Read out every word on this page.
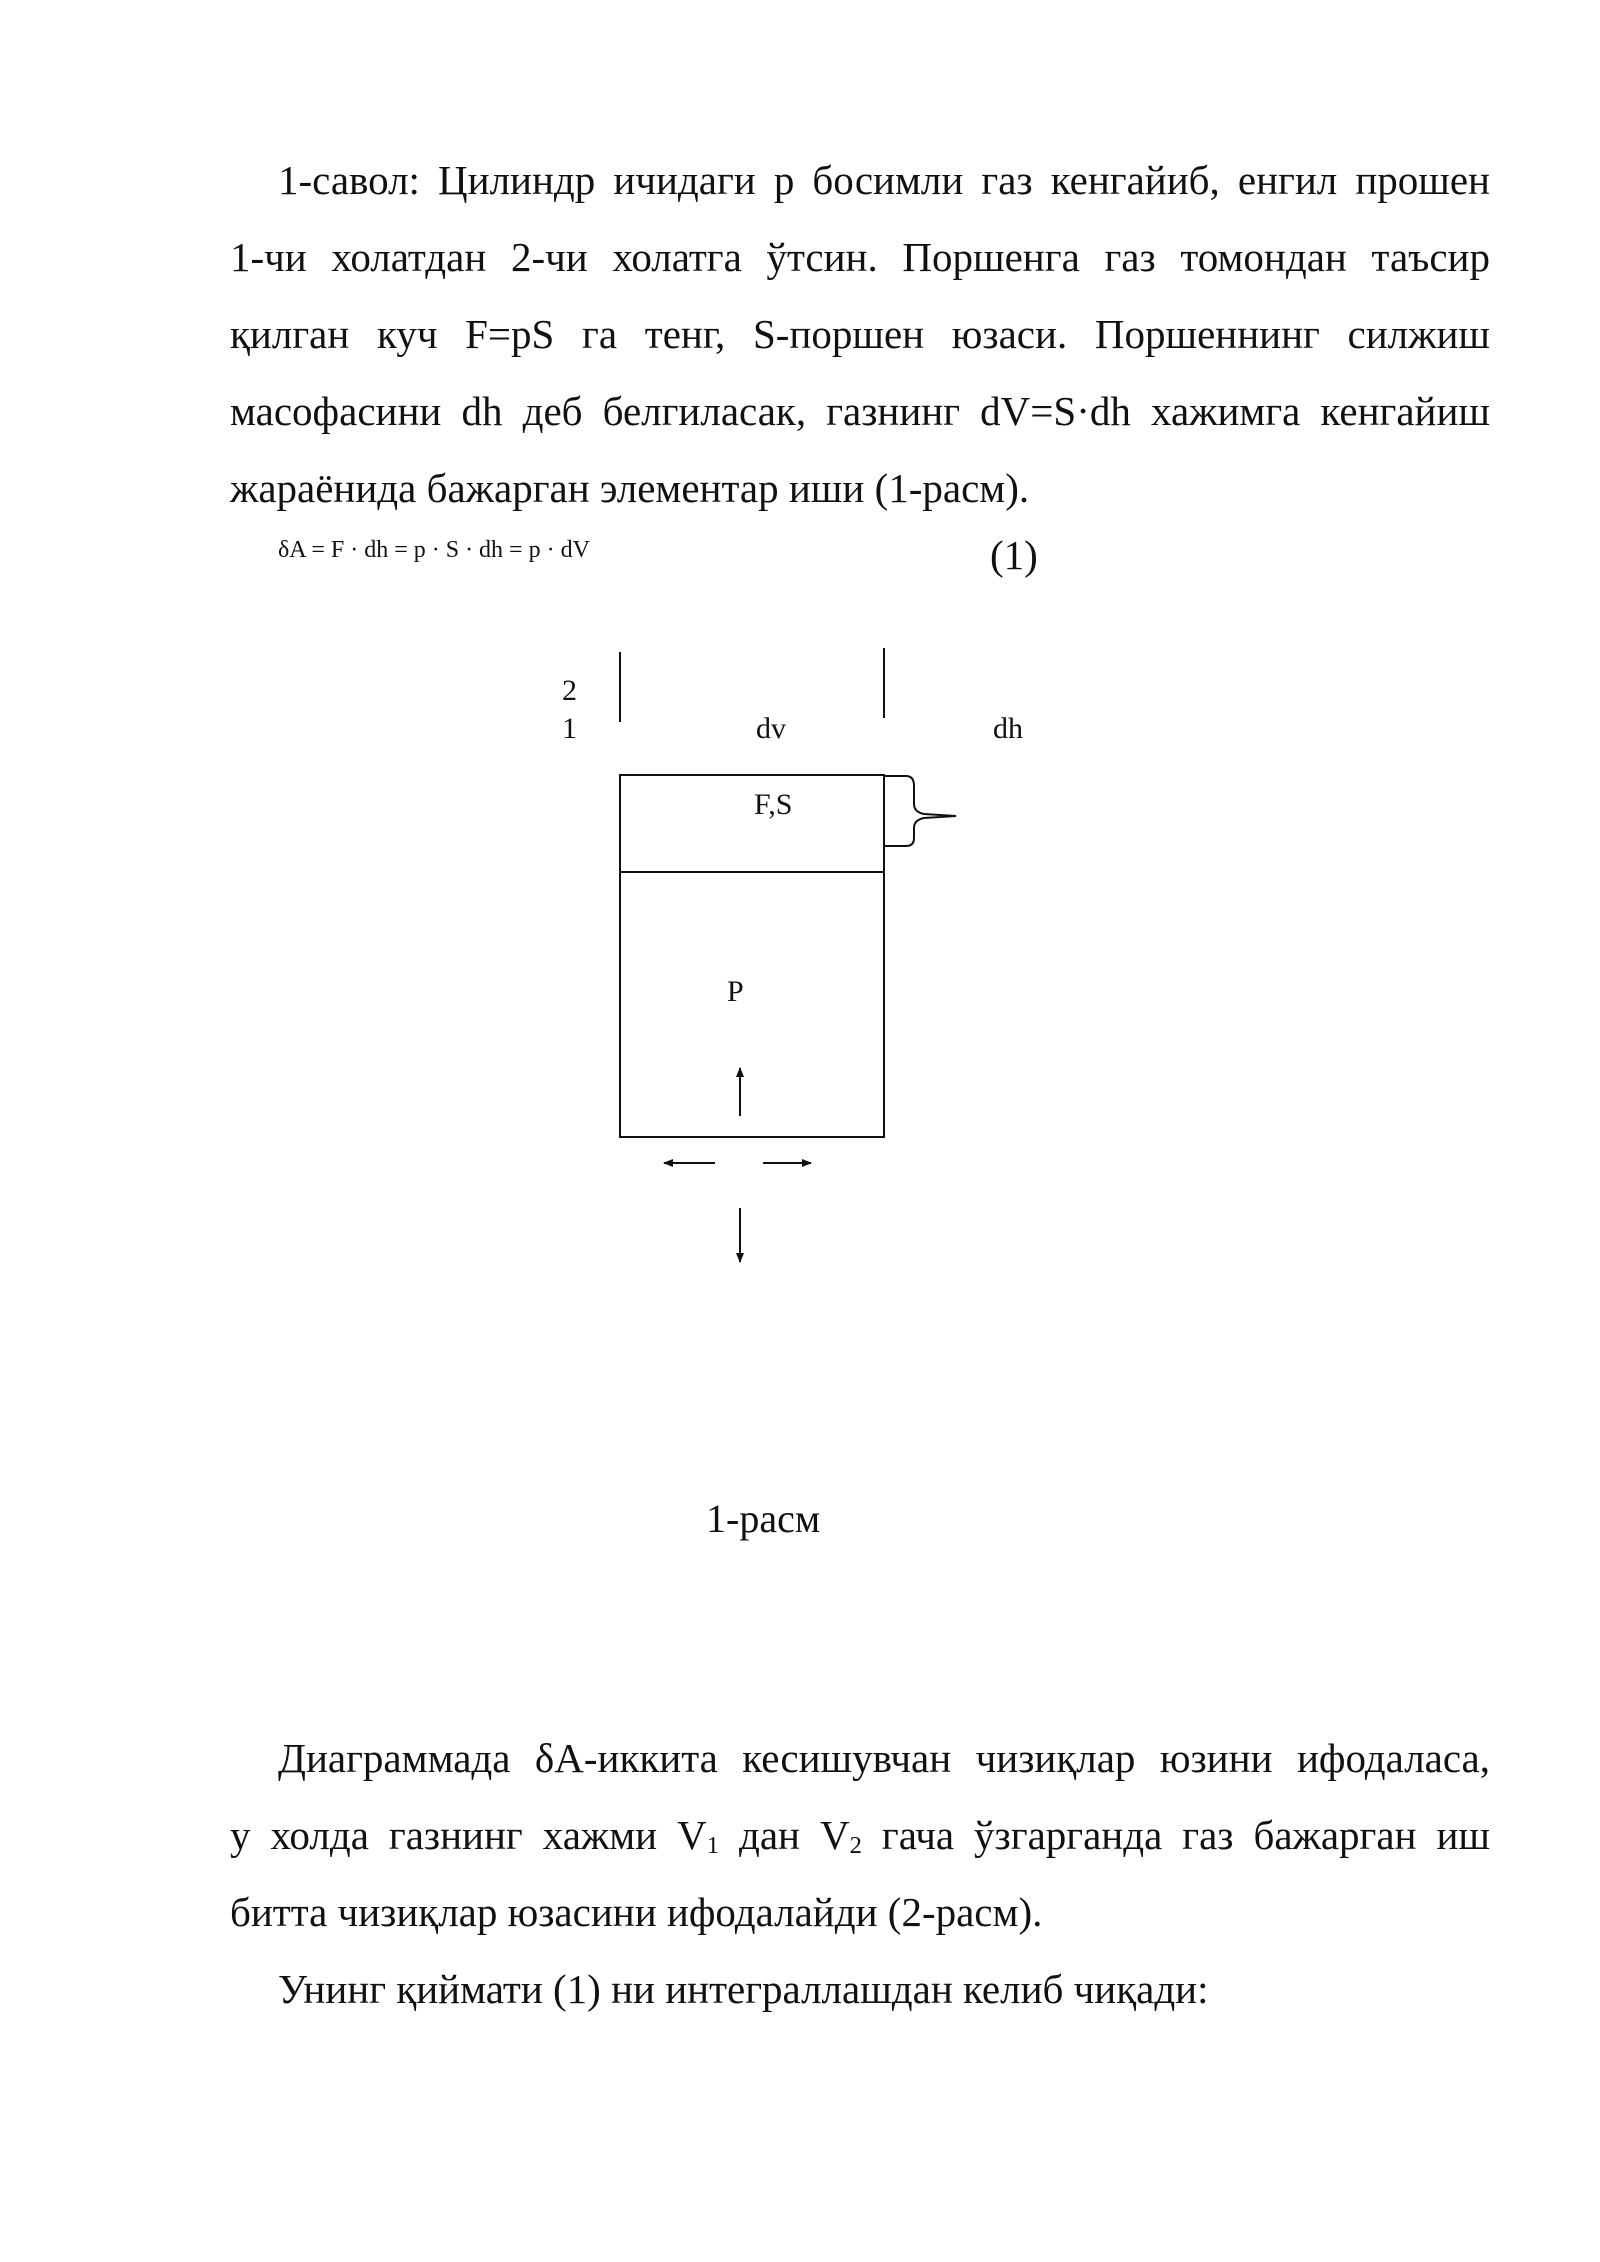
1-савол: Цилиндр ичидаги p босимли газ кенгайиб, енгил прошен
1-чи холатдан 2-чи холатга ўтсин. Поршенга газ томондан таъсир
қилган куч F=pS га тенг, S-поршен юзаси. Поршеннинг силжиш
масофасини dh деб белгиласак, газнинг dV=S·dh хажимга кенгайиш
жараёнида бажарган элементар иши (1-расм).
δA = F · dh = p · S · dh = p · dV	(1)
2
1	dv	dh
F,S
P
1-расм
Диаграммада δA-иккита кесишувчан чизиқлар юзини ифодаласа,
у холда газнинг хажми $V_1$ дан $V_2$ гача ўзгарганда газ бажарган иш
битта чизиқлар юзасини ифодалайди (2-расм).
Унинг қиймати (1) ни интеграллашдан келиб чиқади:
